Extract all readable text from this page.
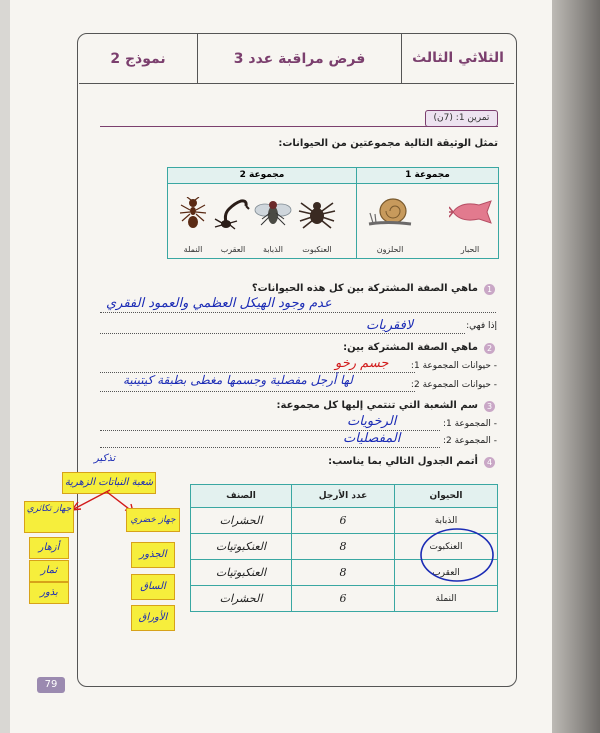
الثلاثي الثالث
فرض مراقبة عدد 3
نموذج 2
تمرين 1: (7ن)
تمثل الوثيقة التالية مجموعتين من الحيوانات:
مجموعة 1
مجموعة 2
الحبار
الحلزون
العنكبوت
الذبابة
العقرب
النملة
1
ماهي الصفة المشتركة بين كل هذه الحيوانات؟
عدم وجود الهيكل العظمي والعمود الفقري
إذا فهي:
لافقريات
2
ماهي الصفة المشتركة بين:
- حيوانات المجموعة 1:
جسم رخو
- حيوانات المجموعة 2:
لها أرجل مفصلية وجسمها مغطى بطبقة كيتينية
3
سم الشعبة التي تنتمي إليها كل مجموعة:
- المجموعة 1:
الرخويات
- المجموعة 2:
المفصليات
4
أتمم الجدول التالي بما يناسب:
الحيوان	عدد الأرجل	الصنف
الذبابة	6	الحشرات
العنكبوت	8	العنكبوتيات
العقرب	8	العنكبوتيات
النملة	6	الحشرات
تذكير
شعبة النباتات الزهرية
جهاز تكاثري
أزهار
ثمار
بذور
جهاز خضري
الجذور
الساق
الأوراق
79
